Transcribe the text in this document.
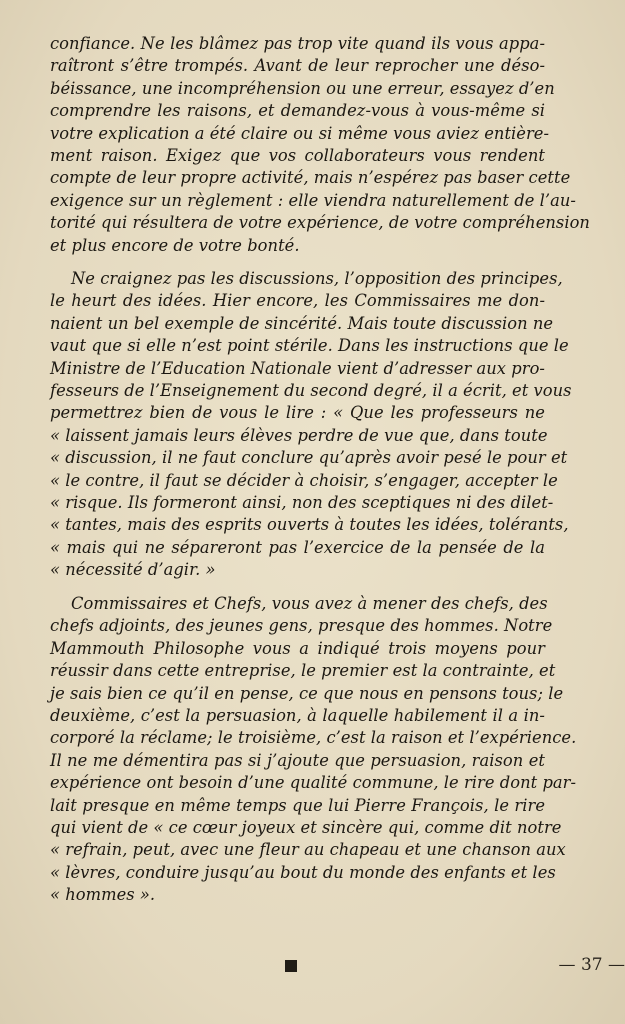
confiance. Ne les blâmez pas trop vite quand ils vous appa-
raîtront s’être trompés. Avant de leur reprocher une déso-
béissance, une incompréhension ou une erreur, essayez d’en
comprendre les raisons, et demandez-vous à vous-même si
votre explication a été claire ou si même vous aviez entière-
ment raison. Exigez que vos collaborateurs vous rendent
compte de leur propre activité, mais n’espérez pas baser cette
exigence sur un règlement : elle viendra naturellement de l’au-
torité qui résultera de votre expérience, de votre compréhension
et plus encore de votre bonté.
Ne craignez pas les discussions, l’opposition des principes,
le heurt des idées. Hier encore, les Commissaires me don-
naient un bel exemple de sincérité. Mais toute discussion ne
vaut que si elle n’est point stérile. Dans les instructions que le
Ministre de l’Education Nationale vient d’adresser aux pro-
fesseurs de l’Enseignement du second degré, il a écrit, et vous
permettrez bien de vous le lire : « Que les professeurs ne
« laissent jamais leurs élèves perdre de vue que, dans toute
« discussion, il ne faut conclure qu’après avoir pesé le pour et
« le contre, il faut se décider à choisir, s’engager, accepter le
« risque. Ils formeront ainsi, non des sceptiques ni des dilet-
« tantes, mais des esprits ouverts à toutes les idées, tolérants,
« mais qui ne sépareront pas l’exercice de la pensée de la
« nécessité d’agir. »
Commissaires et Chefs, vous avez à mener des chefs, des
chefs adjoints, des jeunes gens, presque des hommes. Notre
Mammouth Philosophe vous a indiqué trois moyens pour
réussir dans cette entreprise, le premier est la contrainte, et
je sais bien ce qu’il en pense, ce que nous en pensons tous; le
deuxième, c’est la persuasion, à laquelle habilement il a in-
corporé la réclame; le troisième, c’est la raison et l’expérience.
Il ne me démentira pas si j’ajoute que persuasion, raison et
expérience ont besoin d’une qualité commune, le rire dont par-
lait presque en même temps que lui Pierre François, le rire
qui vient de « ce cœur joyeux et sincère qui, comme dit notre
« refrain, peut, avec une fleur au chapeau et une chanson aux
« lèvres, conduire jusqu’au bout du monde des enfants et les
« hommes ».
— 37 —
